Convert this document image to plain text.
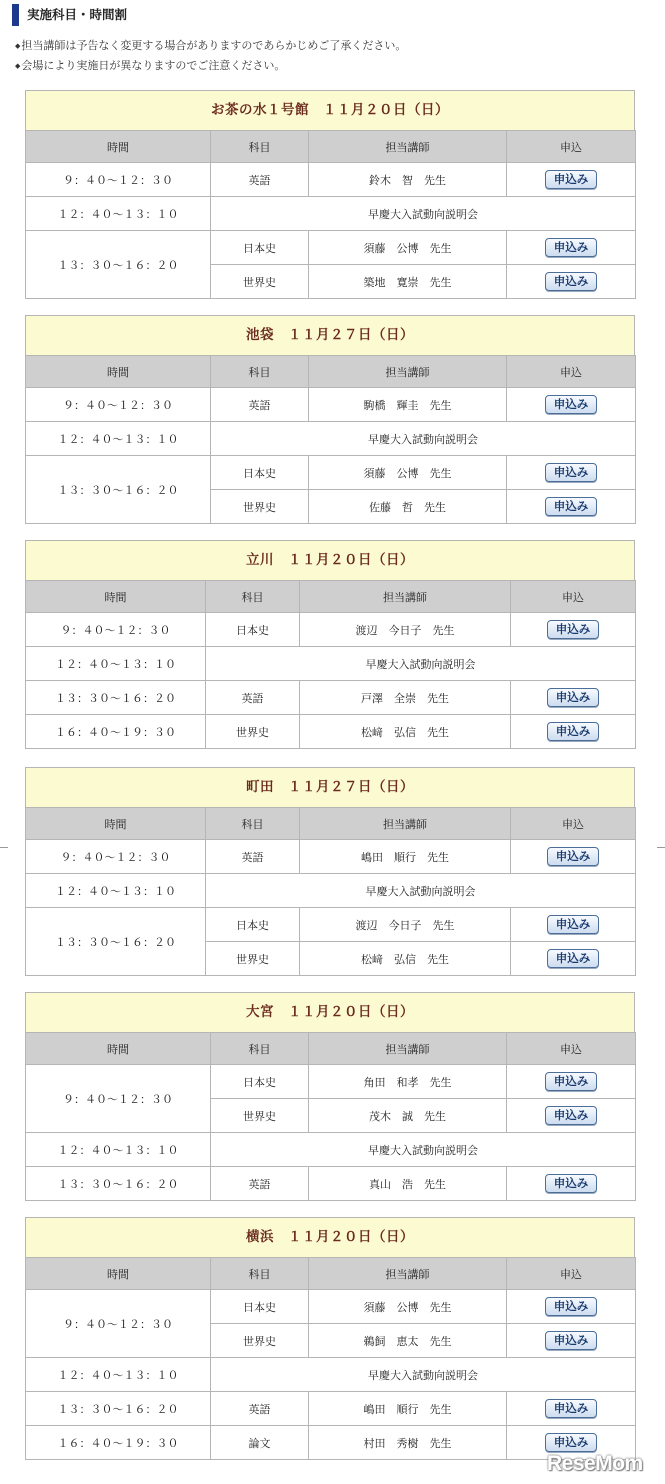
実施科目・時間割
◆ 担当講師は予告なく変更する場合がありますのであらかじめご了承ください。
◆ 会場により実施日が異なりますのでご注意ください。
お茶の水１号館　１１月２０日（日）
時間	科目	担当講師	申込
９：４０〜１２：３０	英語	鈴木　智　先生	申込み
１２：４０〜１３：１０	早慶大入試動向説明会		
１３：３０〜１６：２０	日本史	須藤　公博　先生	申込み
	世界史	築地　寛崇　先生	申込み
池袋　１１月２７日（日）
時間	科目	担当講師	申込
９：４０〜１２：３０	英語	駒橋　輝圭　先生	申込み
１２：４０〜１３：１０	早慶大入試動向説明会		
１３：３０〜１６：２０	日本史	須藤　公博　先生	申込み
	世界史	佐藤　哲　先生	申込み
立川　１１月２０日（日）
時間	科目	担当講師	申込
９：４０〜１２：３０	日本史	渡辺　今日子　先生	申込み
１２：４０〜１３：１０	早慶大入試動向説明会		
１３：３０〜１６：２０	英語	戸澤　全崇　先生	申込み
１６：４０〜１９：３０	世界史	松﨑　弘信　先生	申込み
町田　１１月２７日（日）
時間	科目	担当講師	申込
９：４０〜１２：３０	英語	嶋田　順行　先生	申込み
１２：４０〜１３：１０	早慶大入試動向説明会		
１３：３０〜１６：２０	日本史	渡辺　今日子　先生	申込み
	世界史	松﨑　弘信　先生	申込み
大宮　１１月２０日（日）
時間	科目	担当講師	申込
９：４０〜１２：３０	日本史	角田　和孝　先生	申込み
	世界史	茂木　誠　先生	申込み
１２：４０〜１３：１０	早慶大入試動向説明会		
１３：３０〜１６：２０	英語	真山　浩　先生	申込み
横浜　１１月２０日（日）
時間	科目	担当講師	申込
９：４０〜１２：３０	日本史	須藤　公博　先生	申込み
	世界史	鵜飼　恵太　先生	申込み
１２：４０〜１３：１０	早慶大入試動向説明会		
１３：３０〜１６：２０	英語	嶋田　順行　先生	申込み
１６：４０〜１９：３０	論文	村田　秀樹　先生	申込み
ReseMom
